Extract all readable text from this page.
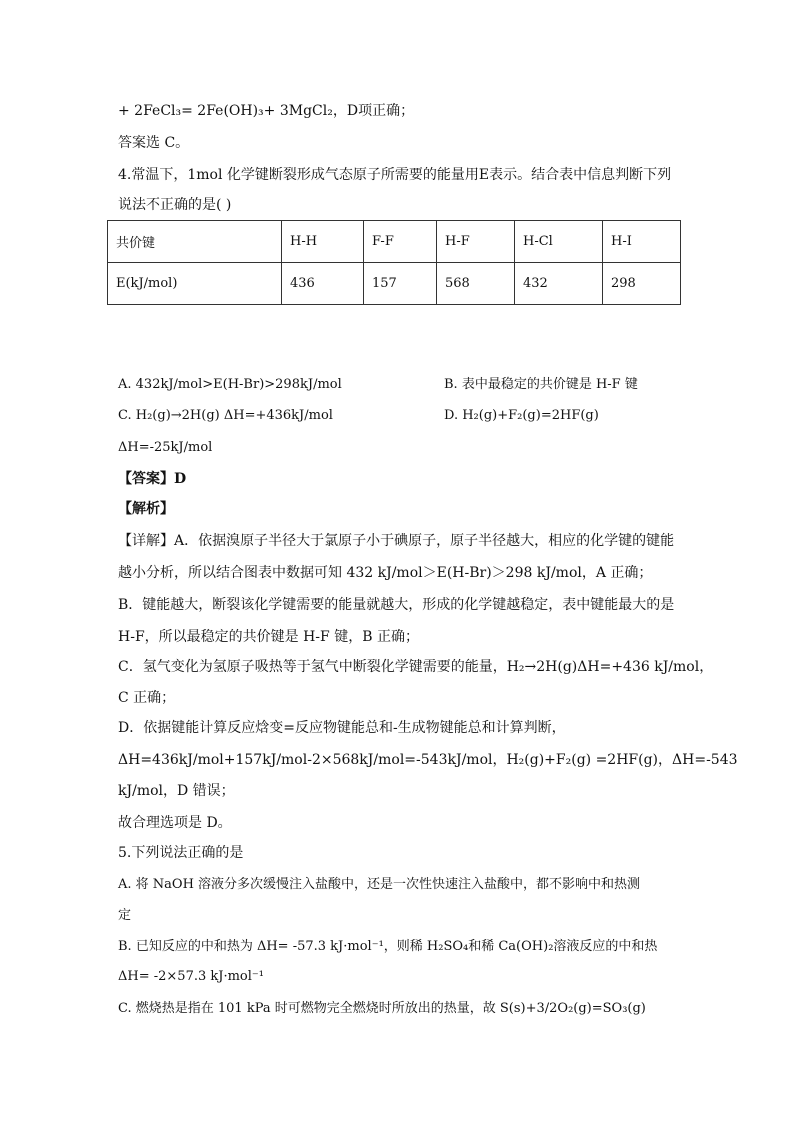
+ 2FeCl₃= 2Fe(OH)₃+ 3MgCl₂，D项正确；
答案选 C。
4.常温下，1mol 化学键断裂形成气态原子所需要的能量用E表示。结合表中信息判断下列
说法不正确的是( )
共价键	H-H	F-F	H-F	H-Cl	H-I
E(kJ/mol)	436	157	568	432	298
A. 432kJ/mol>E(H-Br)>298kJ/mol	B. 表中最稳定的共价键是 H-F 键
C. H₂(g)→2H(g) ΔH=+436kJ/mol	D. H₂(g)+F₂(g)=2HF(g)
ΔH=-25kJ/mol
【答案】D
【解析】
【详解】A．依据溴原子半径大于氯原子小于碘原子，原子半径越大，相应的化学键的键能
越小分析，所以结合图表中数据可知 432 kJ/mol＞E(H-Br)＞298 kJ/mol，A 正确；
B．键能越大，断裂该化学键需要的能量就越大，形成的化学键越稳定，表中键能最大的是
H-F，所以最稳定的共价键是 H-F 键，B 正确；
C．氢气变化为氢原子吸热等于氢气中断裂化学键需要的能量，H₂→2H(g)ΔH=+436 kJ/mol，
C 正确；
D．依据键能计算反应焓变=反应物键能总和-生成物键能总和计算判断，
ΔH=436kJ/mol+157kJ/mol-2×568kJ/mol=-543kJ/mol，H₂(g)+F₂(g) =2HF(g)，ΔH=-543
kJ/mol，D 错误；
故合理选项是 D。
5.下列说法正确的是
A. 将 NaOH 溶液分多次缓慢注入盐酸中，还是一次性快速注入盐酸中，都不影响中和热测
定
B. 已知反应的中和热为 ΔH= -57.3 kJ·mol⁻¹，则稀 H₂SO₄和稀 Ca(OH)₂溶液反应的中和热
ΔH= -2×57.3 kJ·mol⁻¹
C. 燃烧热是指在 101 kPa 时可燃物完全燃烧时所放出的热量，故 S(s)+3/2O₂(g)=SO₃(g)
